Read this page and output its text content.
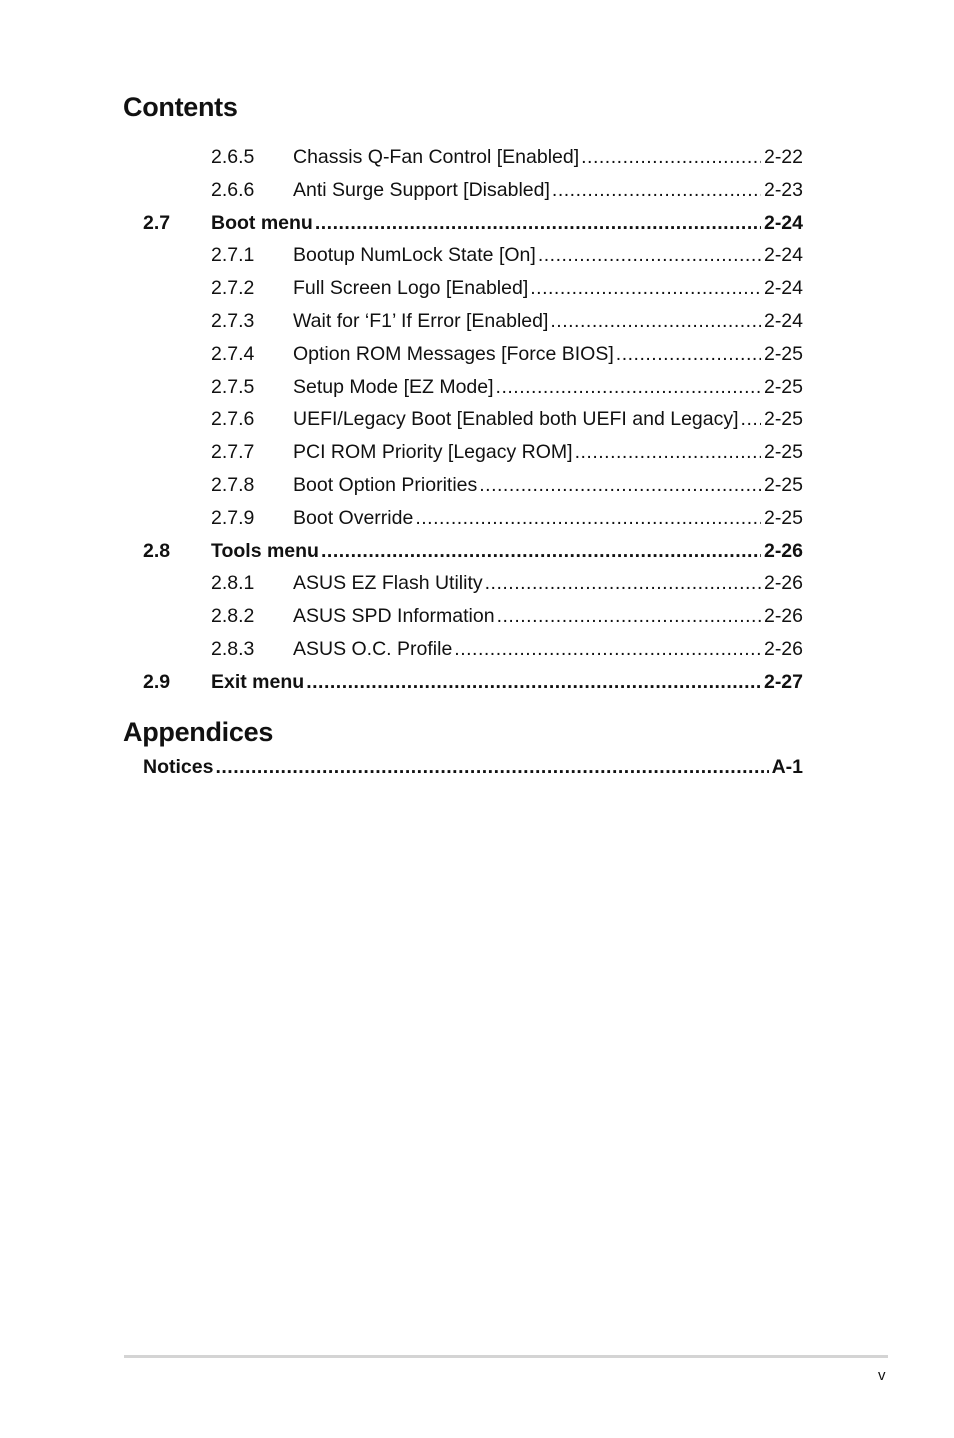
Contents
2.6.5 Chassis Q-Fan Control [Enabled] .....	2-22
2.6.6 Anti Surge Support [Disabled] .....	2-23
2.7 Boot menu .....	2-24
2.7.1 Bootup NumLock State [On] .....	2-24
2.7.2 Full Screen Logo [Enabled] .....	2-24
2.7.3 Wait for ‘F1’ If Error [Enabled] .....	2-24
2.7.4 Option ROM Messages [Force BIOS] .....	2-25
2.7.5 Setup Mode [EZ Mode] .....	2-25
2.7.6 UEFI/Legacy Boot [Enabled both UEFI and Legacy] ..... 2-25
2.7.7 PCI ROM Priority [Legacy ROM] .....	2-25
2.7.8 Boot Option Priorities .....	2-25
2.7.9 Boot Override .....	2-25
2.8 Tools menu .....	2-26
2.8.1 ASUS EZ Flash Utility .....	2-26
2.8.2 ASUS SPD Information .....	2-26
2.8.3 ASUS O.C. Profile .....	2-26
2.9 Exit menu .....	2-27
Appendices
Notices .....	A-1
v
